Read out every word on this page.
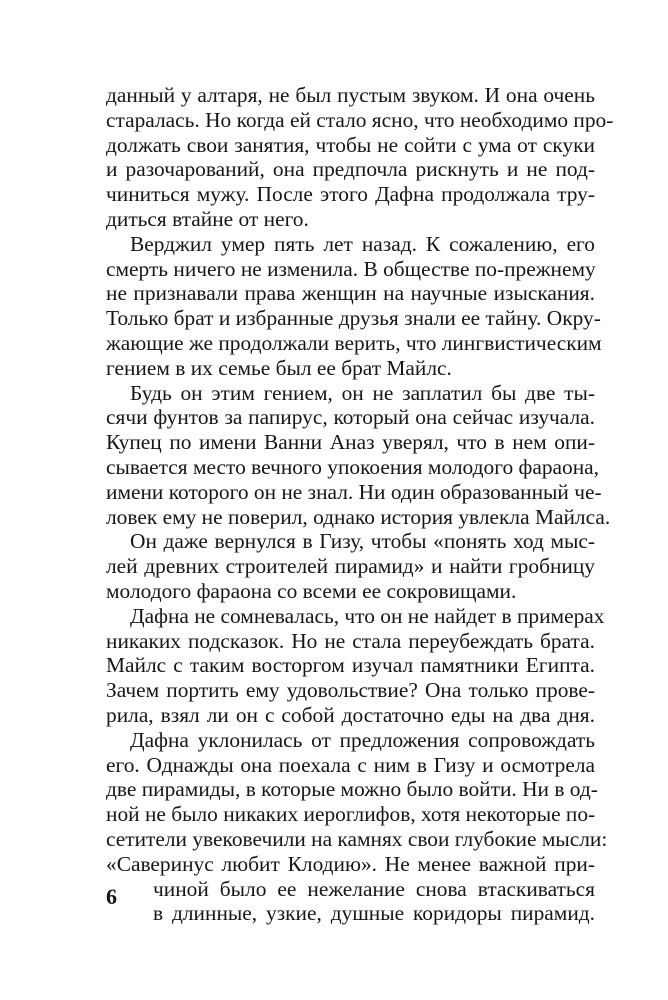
данный у алтаря, не был пустым звуком. И она очень
старалась. Но когда ей стало ясно, что необходимо про-
должать свои занятия, чтобы не сойти с ума от скуки
и разочарований, она предпочла рискнуть и не под-
чиниться мужу. После этого Дафна продолжала тру-
диться втайне от него.
Верджил умер пять лет назад. К сожалению, его
смерть ничего не изменила. В обществе по-прежнему
не признавали права женщин на научные изыскания.
Только брат и избранные друзья знали ее тайну. Окру-
жающие же продолжали верить, что лингвистическим
гением в их семье был ее брат Майлс.
Будь он этим гением, он не заплатил бы две ты-
сячи фунтов за папирус, который она сейчас изучала.
Купец по имени Ванни Аназ уверял, что в нем опи-
сывается место вечного упокоения молодого фараона,
имени которого он не знал. Ни один образованный че-
ловек ему не поверил, однако история увлекла Майлса.
Он даже вернулся в Гизу, чтобы «понять ход мыс-
лей древних строителей пирамид» и найти гробницу
молодого фараона со всеми ее сокровищами.
Дафна не сомневалась, что он не найдет в примерах
никаких подсказок. Но не стала переубеждать брата.
Майлс с таким восторгом изучал памятники Египта.
Зачем портить ему удовольствие? Она только прове-
рила, взял ли он с собой достаточно еды на два дня.
Дафна уклонилась от предложения сопровождать
его. Однажды она поехала с ним в Гизу и осмотрела
две пирамиды, в которые можно было войти. Ни в од-
ной не было никаких иероглифов, хотя некоторые по-
сетители увековечили на камнях свои глубокие мысли:
«Саверинус любит Клодию». Не менее важной при-
чиной было ее нежелание снова втаскиваться
в длинные, узкие, душные коридоры пирамид.
6
